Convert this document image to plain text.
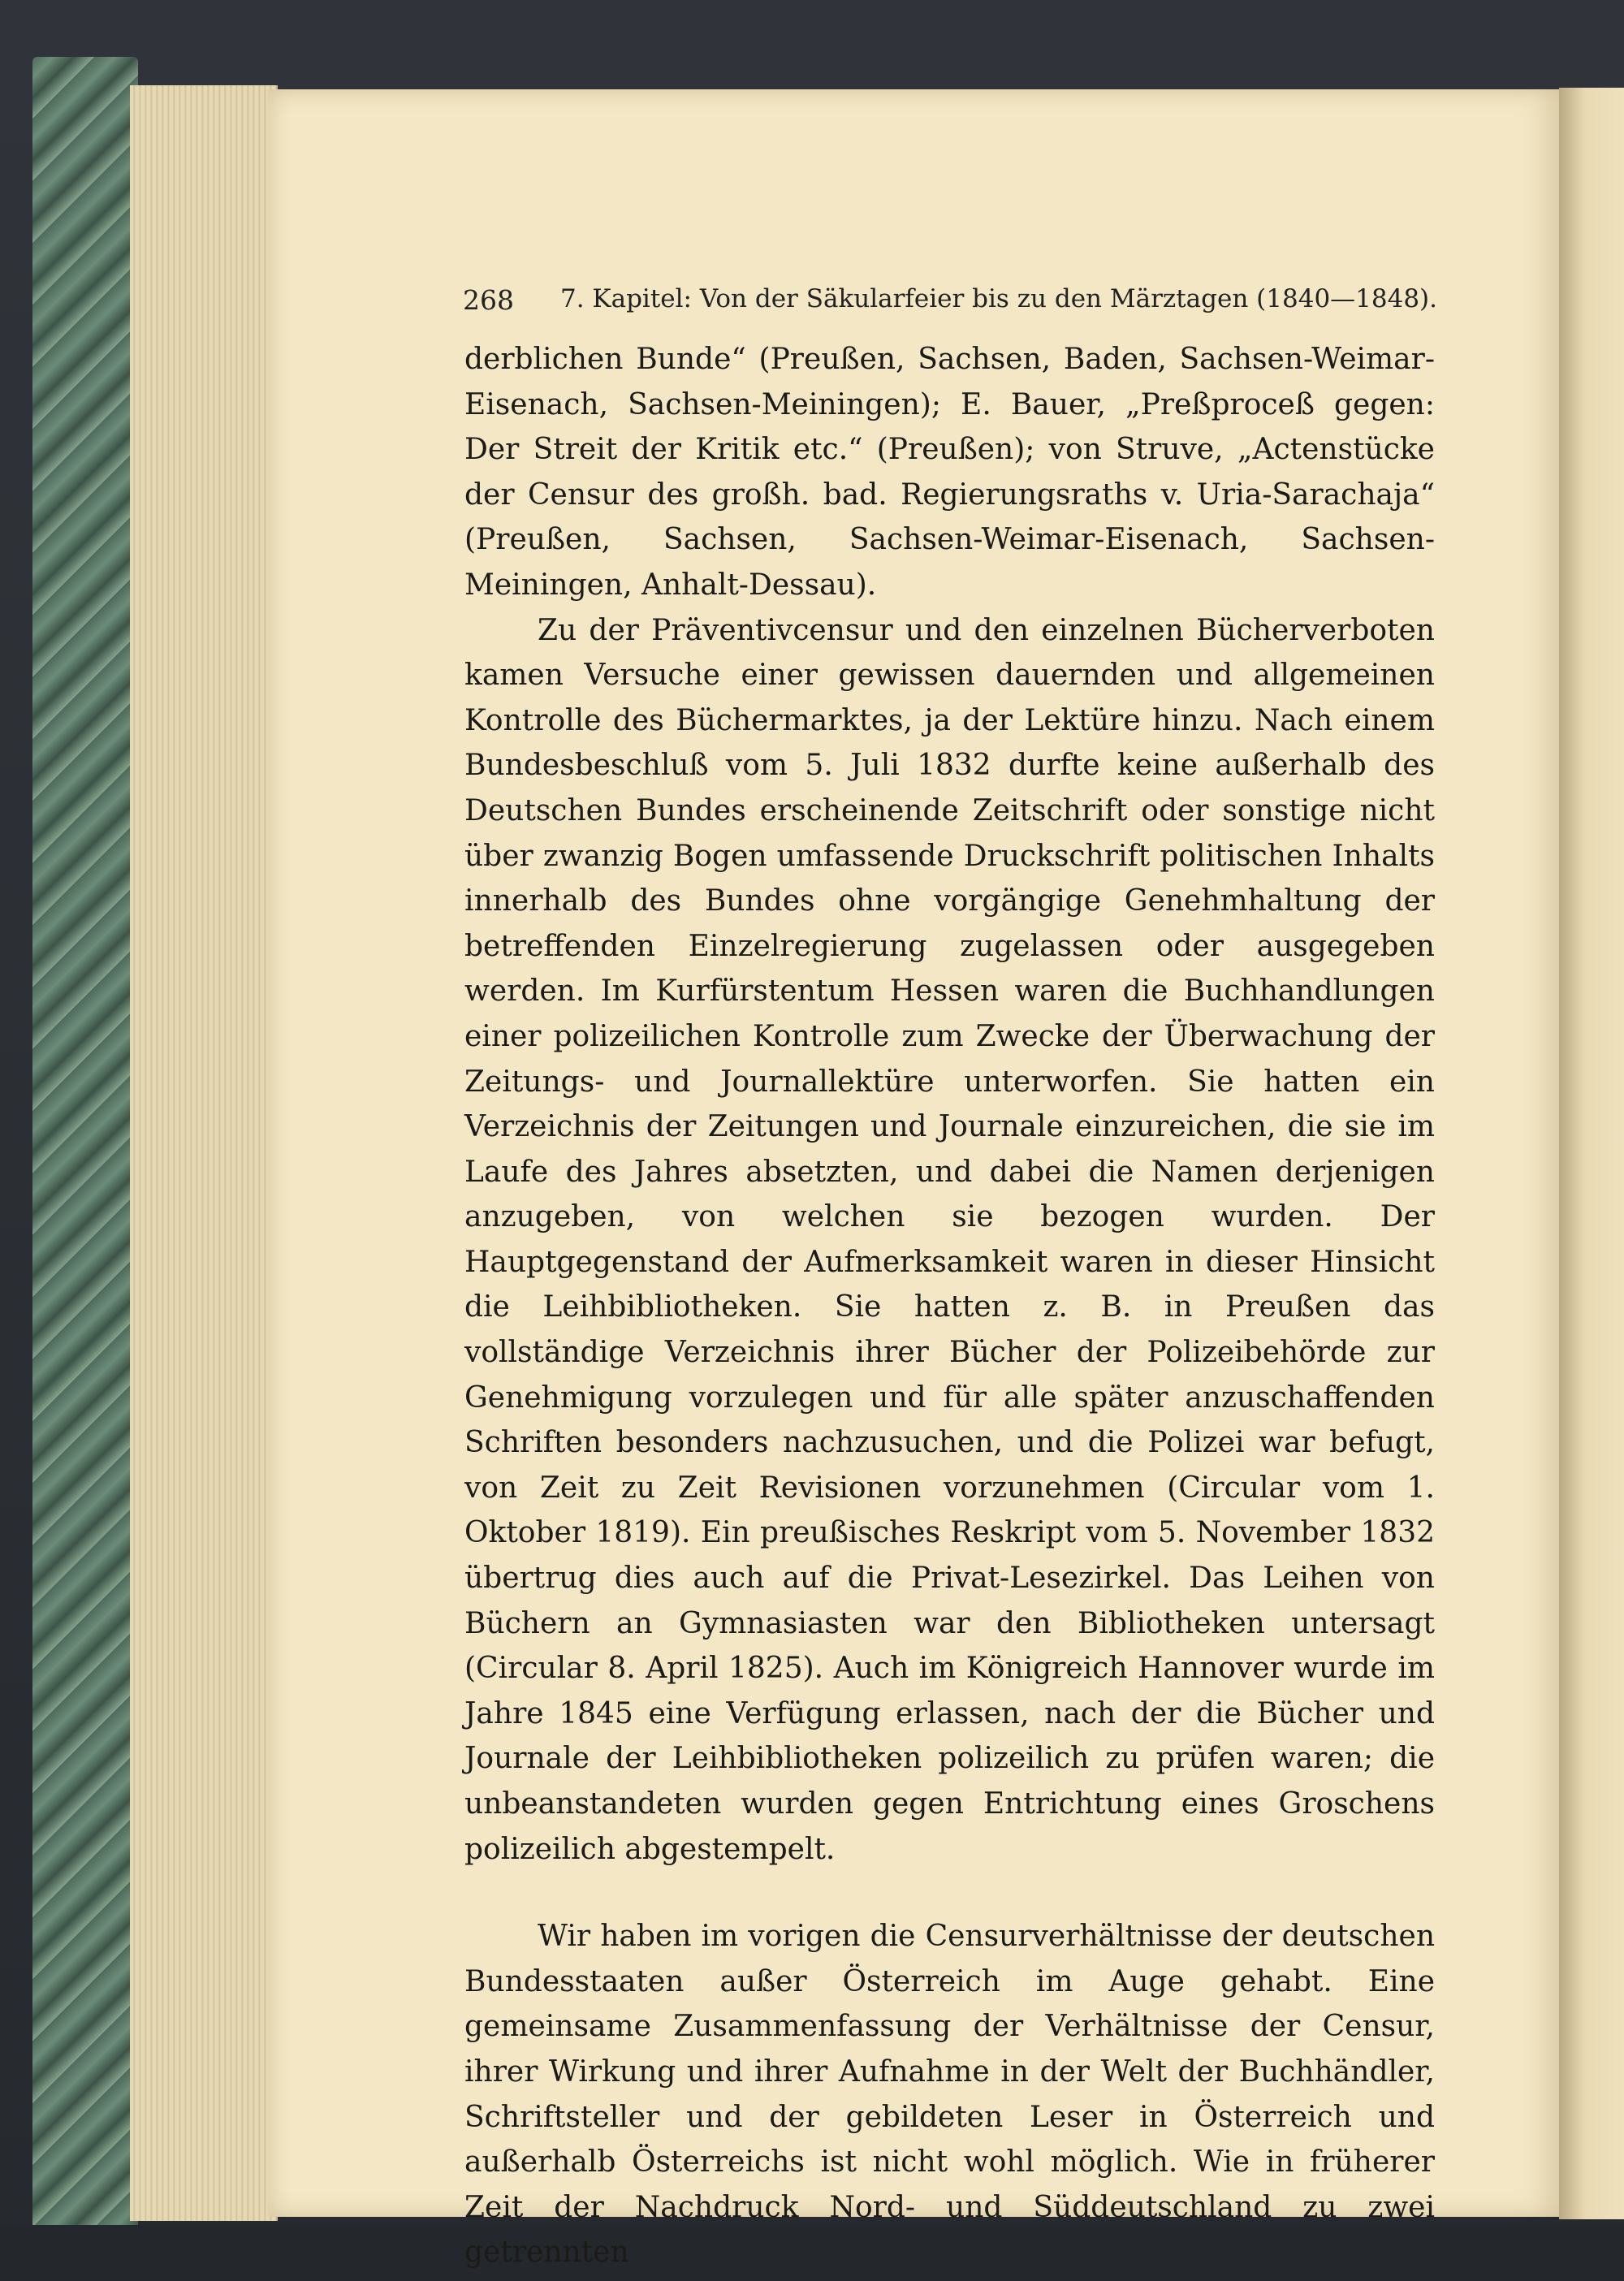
268 7. Kapitel: Von der Säkularfeier bis zu den Märztagen (1840—1848).

derblichen Bunde“ (Preußen, Sachsen, Baden, Sachsen-Weimar-Eisenach, Sachsen-Meiningen); E. Bauer, „Preßproceß gegen: Der Streit der Kritik etc.“ (Preußen); von Struve, „Actenstücke der Censur des großh. bad. Regierungsraths v. Uria-Sarachaja“ (Preußen, Sachsen, Sachsen-Weimar-Eisenach, Sachsen-Meiningen, Anhalt-Dessau).

Zu der Präventivcensur und den einzelnen Bücherverboten kamen Versuche einer gewissen dauernden und allgemeinen Kontrolle des Büchermarktes, ja der Lektüre hinzu. Nach einem Bundesbeschluß vom 5. Juli 1832 durfte keine außerhalb des Deutschen Bundes erscheinende Zeitschrift oder sonstige nicht über zwanzig Bogen umfassende Druckschrift politischen Inhalts innerhalb des Bundes ohne vorgängige Genehmhaltung der betreffenden Einzelregierung zugelassen oder ausgegeben werden. Im Kurfürstentum Hessen waren die Buchhandlungen einer polizeilichen Kontrolle zum Zwecke der Überwachung der Zeitungs- und Journallektüre unterworfen. Sie hatten ein Verzeichnis der Zeitungen und Journale einzureichen, die sie im Laufe des Jahres absetzten, und dabei die Namen derjenigen anzugeben, von welchen sie bezogen wurden. Der Hauptgegenstand der Aufmerksamkeit waren in dieser Hinsicht die Leihbibliotheken. Sie hatten z. B. in Preußen das vollständige Verzeichnis ihrer Bücher der Polizeibehörde zur Genehmigung vorzulegen und für alle später anzuschaffenden Schriften besonders nachzusuchen, und die Polizei war befugt, von Zeit zu Zeit Revisionen vorzunehmen (Circular vom 1. Oktober 1819). Ein preußisches Reskript vom 5. November 1832 übertrug dies auch auf die Privat-Lesezirkel. Das Leihen von Büchern an Gymnasiasten war den Bibliotheken untersagt (Circular 8. April 1825). Auch im Königreich Hannover wurde im Jahre 1845 eine Verfügung erlassen, nach der die Bücher und Journale der Leihbibliotheken polizeilich zu prüfen waren; die unbeanstandeten wurden gegen Entrichtung eines Groschens polizeilich abgestempelt.

Wir haben im vorigen die Censurverhältnisse der deutschen Bundesstaaten außer Österreich im Auge gehabt. Eine gemeinsame Zusammenfassung der Verhältnisse der Censur, ihrer Wirkung und ihrer Aufnahme in der Welt der Buchhändler, Schriftsteller und der gebildeten Leser in Österreich und außerhalb Österreichs ist nicht wohl möglich. Wie in früherer Zeit der Nachdruck Nord- und Süddeutschland zu zwei getrennten
